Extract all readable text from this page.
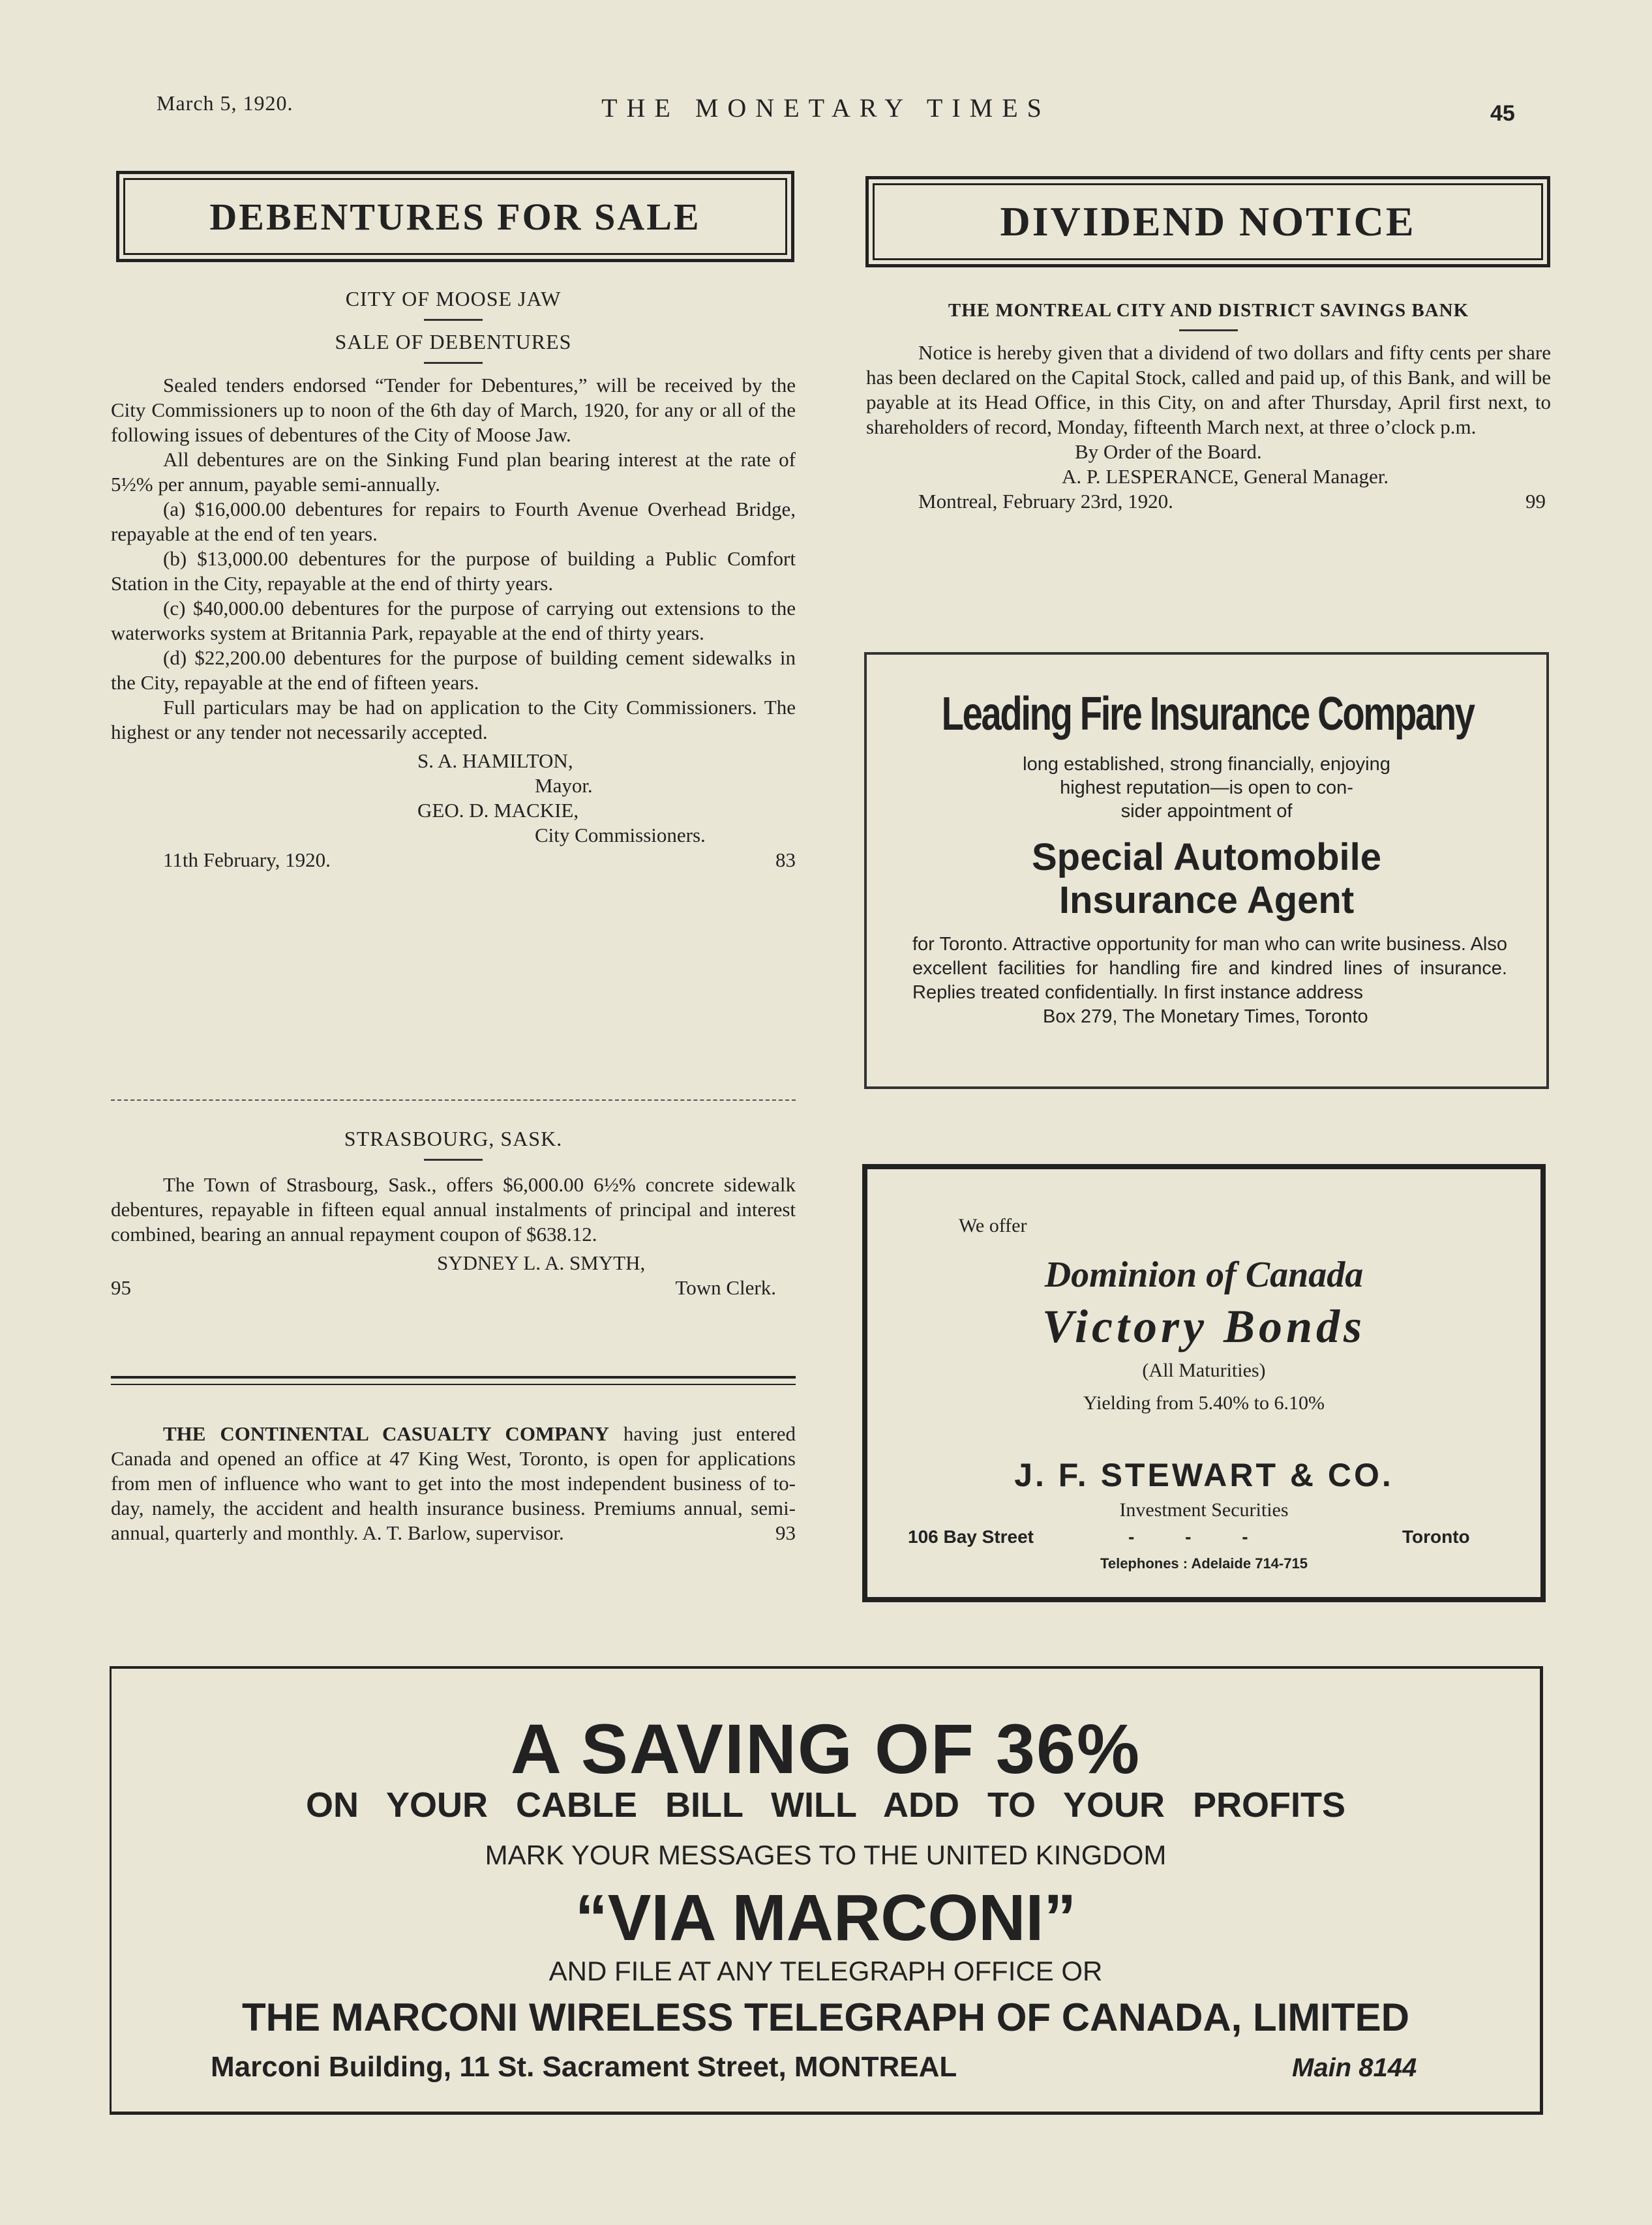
March 5, 1920.	THE MONETARY TIMES	45
DEBENTURES FOR SALE
CITY OF MOOSE JAW
SALE OF DEBENTURES

Sealed tenders endorsed “Tender for Debentures,” will be received by the City Commissioners up to noon of the 6th day of March, 1920, for any or all of the following issues of debentures of the City of Moose Jaw.

All debentures are on the Sinking Fund plan bearing interest at the rate of 5½% per annum, payable semi-annually.

(a) $16,000.00 debentures for repairs to Fourth Avenue Overhead Bridge, repayable at the end of ten years.

(b) $13,000.00 debentures for the purpose of building a Public Comfort Station in the City, repayable at the end of thirty years.

(c) $40,000.00 debentures for the purpose of carrying out extensions to the waterworks system at Britannia Park, repayable at the end of thirty years.

(d) $22,200.00 debentures for the purpose of building cement sidewalks in the City, repayable at the end of fifteen years.

Full particulars may be had on application to the City Commissioners. The highest or any tender not necessarily accepted.

S. A. HAMILTON,
Mayor.
GEO. D. MACKIE,
City Commissioners.
11th February, 1920.	83
STRASBOURG, SASK.

The Town of Strasbourg, Sask., offers $6,000.00 6½% concrete sidewalk debentures, repayable in fifteen equal annual instalments of principal and interest combined, bearing an annual repayment coupon of $638.12.

SYDNEY L. A. SMYTH,
95	Town Clerk.

THE CONTINENTAL CASUALTY COMPANY having just entered Canada and opened an office at 47 King West, Toronto, is open for applications from men of influence who want to get into the most independent business of to-day, namely, the accident and health insurance business. Premiums annual, semi-annual, quarterly and monthly. A. T. Barlow, supervisor.	93
DIVIDEND NOTICE
THE MONTREAL CITY AND DISTRICT SAVINGS BANK

Notice is hereby given that a dividend of two dollars and fifty cents per share has been declared on the Capital Stock, called and paid up, of this Bank, and will be payable at its Head Office, in this City, on and after Thursday, April first next, to shareholders of record, Monday, fifteenth March next, at three o’clock p.m.

By Order of the Board.
A. P. LESPERANCE, General Manager.
Montreal, February 23rd, 1920.	99
Leading Fire Insurance Company
long established, strong financially, enjoying
highest reputation—is open to con-
sider appointment of
Special Automobile
Insurance Agent

for Toronto. Attractive opportunity for man who can write business. Also excellent facilities for handling fire and kindred lines of insurance. Replies treated confidentially. In first instance address

Box 279, The Monetary Times, Toronto
We offer
Dominion of Canada
Victory Bonds
(All Maturities)
Yielding from 5.40% to 6.10%
J. F. STEWART & CO.
Investment Securities
106 Bay Street	-          -          -	Toronto
Telephones : Adelaide 714-715
A SAVING OF 36%
ON YOUR CABLE BILL WILL ADD TO YOUR PROFITS
MARK YOUR MESSAGES TO THE UNITED KINGDOM
“VIA MARCONI”
AND FILE AT ANY TELEGRAPH OFFICE OR
THE MARCONI WIRELESS TELEGRAPH OF CANADA, LIMITED
Marconi Building, 11 St. Sacrament Street, MONTREAL	Main 8144
